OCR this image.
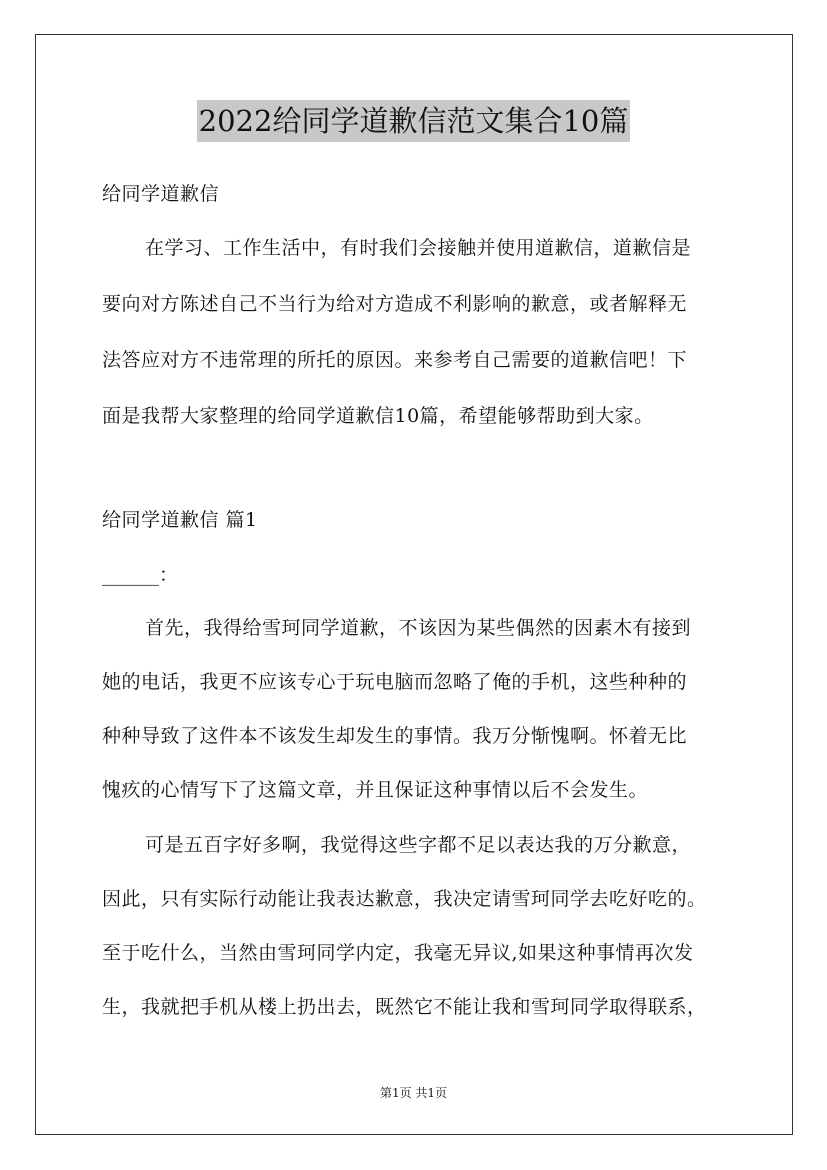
2022给同学道歉信范文集合10篇
给同学道歉信
在学习、工作生活中，有时我们会接触并使用道歉信，道歉信是
要向对方陈述自己不当行为给对方造成不利影响的歉意，或者解释无
法答应对方不违常理的所托的原因。来参考自己需要的道歉信吧！下
面是我帮大家整理的给同学道歉信10篇，希望能够帮助到大家。
给同学道歉信 篇1
______：
首先，我得给雪珂同学道歉，不该因为某些偶然的因素木有接到
她的电话，我更不应该专心于玩电脑而忽略了俺的手机，这些种种的
种种导致了这件本不该发生却发生的事情。我万分惭愧啊。怀着无比
愧疚的心情写下了这篇文章，并且保证这种事情以后不会发生。
可是五百字好多啊，我觉得这些字都不足以表达我的万分歉意，
因此，只有实际行动能让我表达歉意，我决定请雪珂同学去吃好吃的。
至于吃什么，当然由雪珂同学内定，我毫无异议,如果这种事情再次发
生，我就把手机从楼上扔出去，既然它不能让我和雪珂同学取得联系，
第1页 共1页
